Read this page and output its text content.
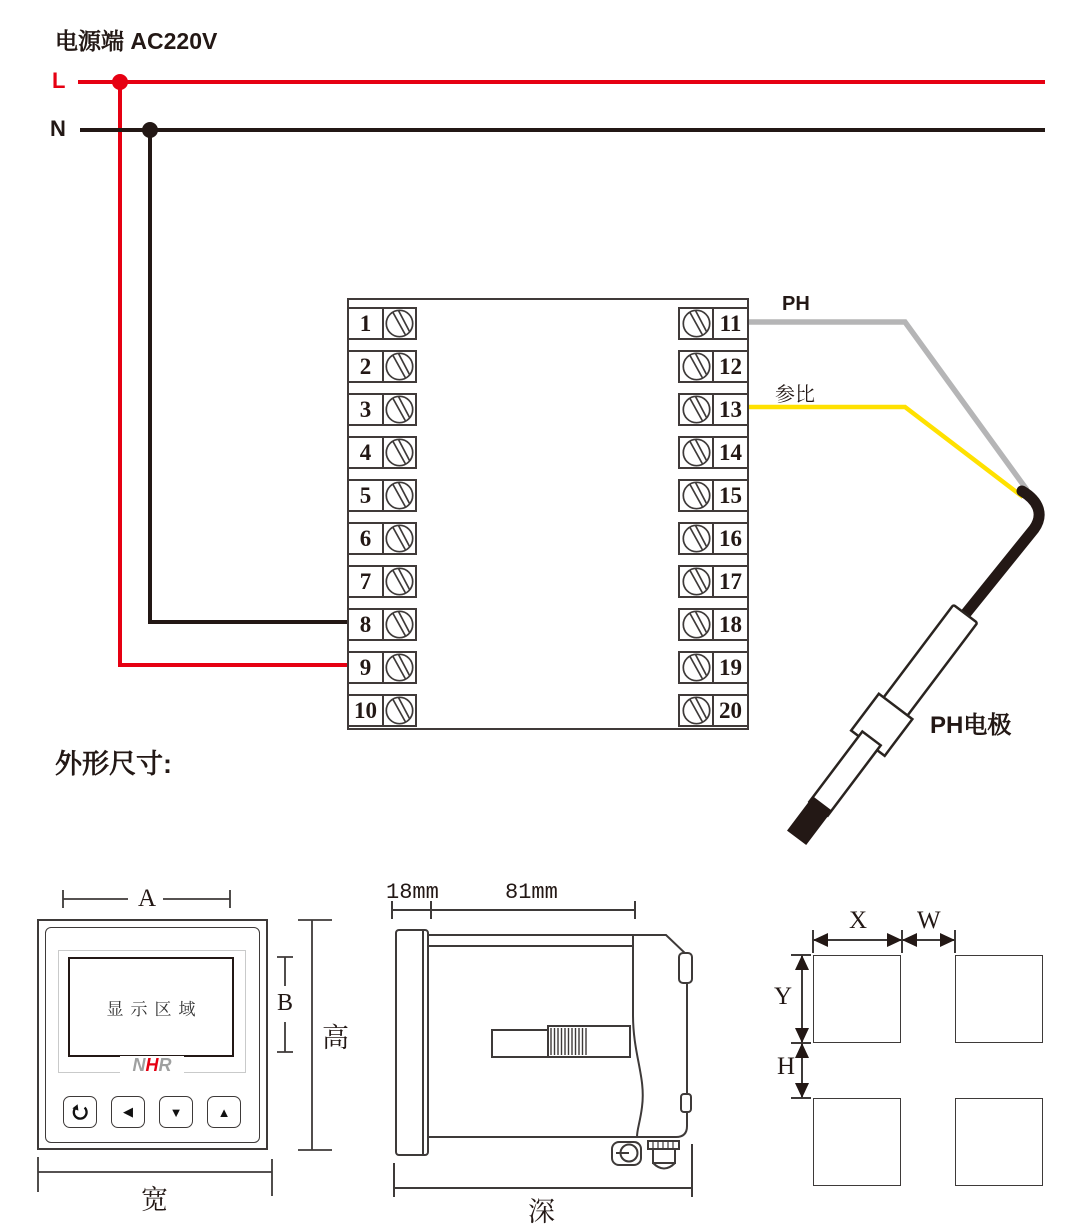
电源端 AC220V
L
N
1
2
3
4
5
6
7
8
9
10
11
12
13
14
15
16
17
18
19
20
PH
参比
PH电极
外形尺寸:
显示区域
NHR
◀	▼	▲
A
B
高
宽
18mm	81mm
深
X W
Y
H
